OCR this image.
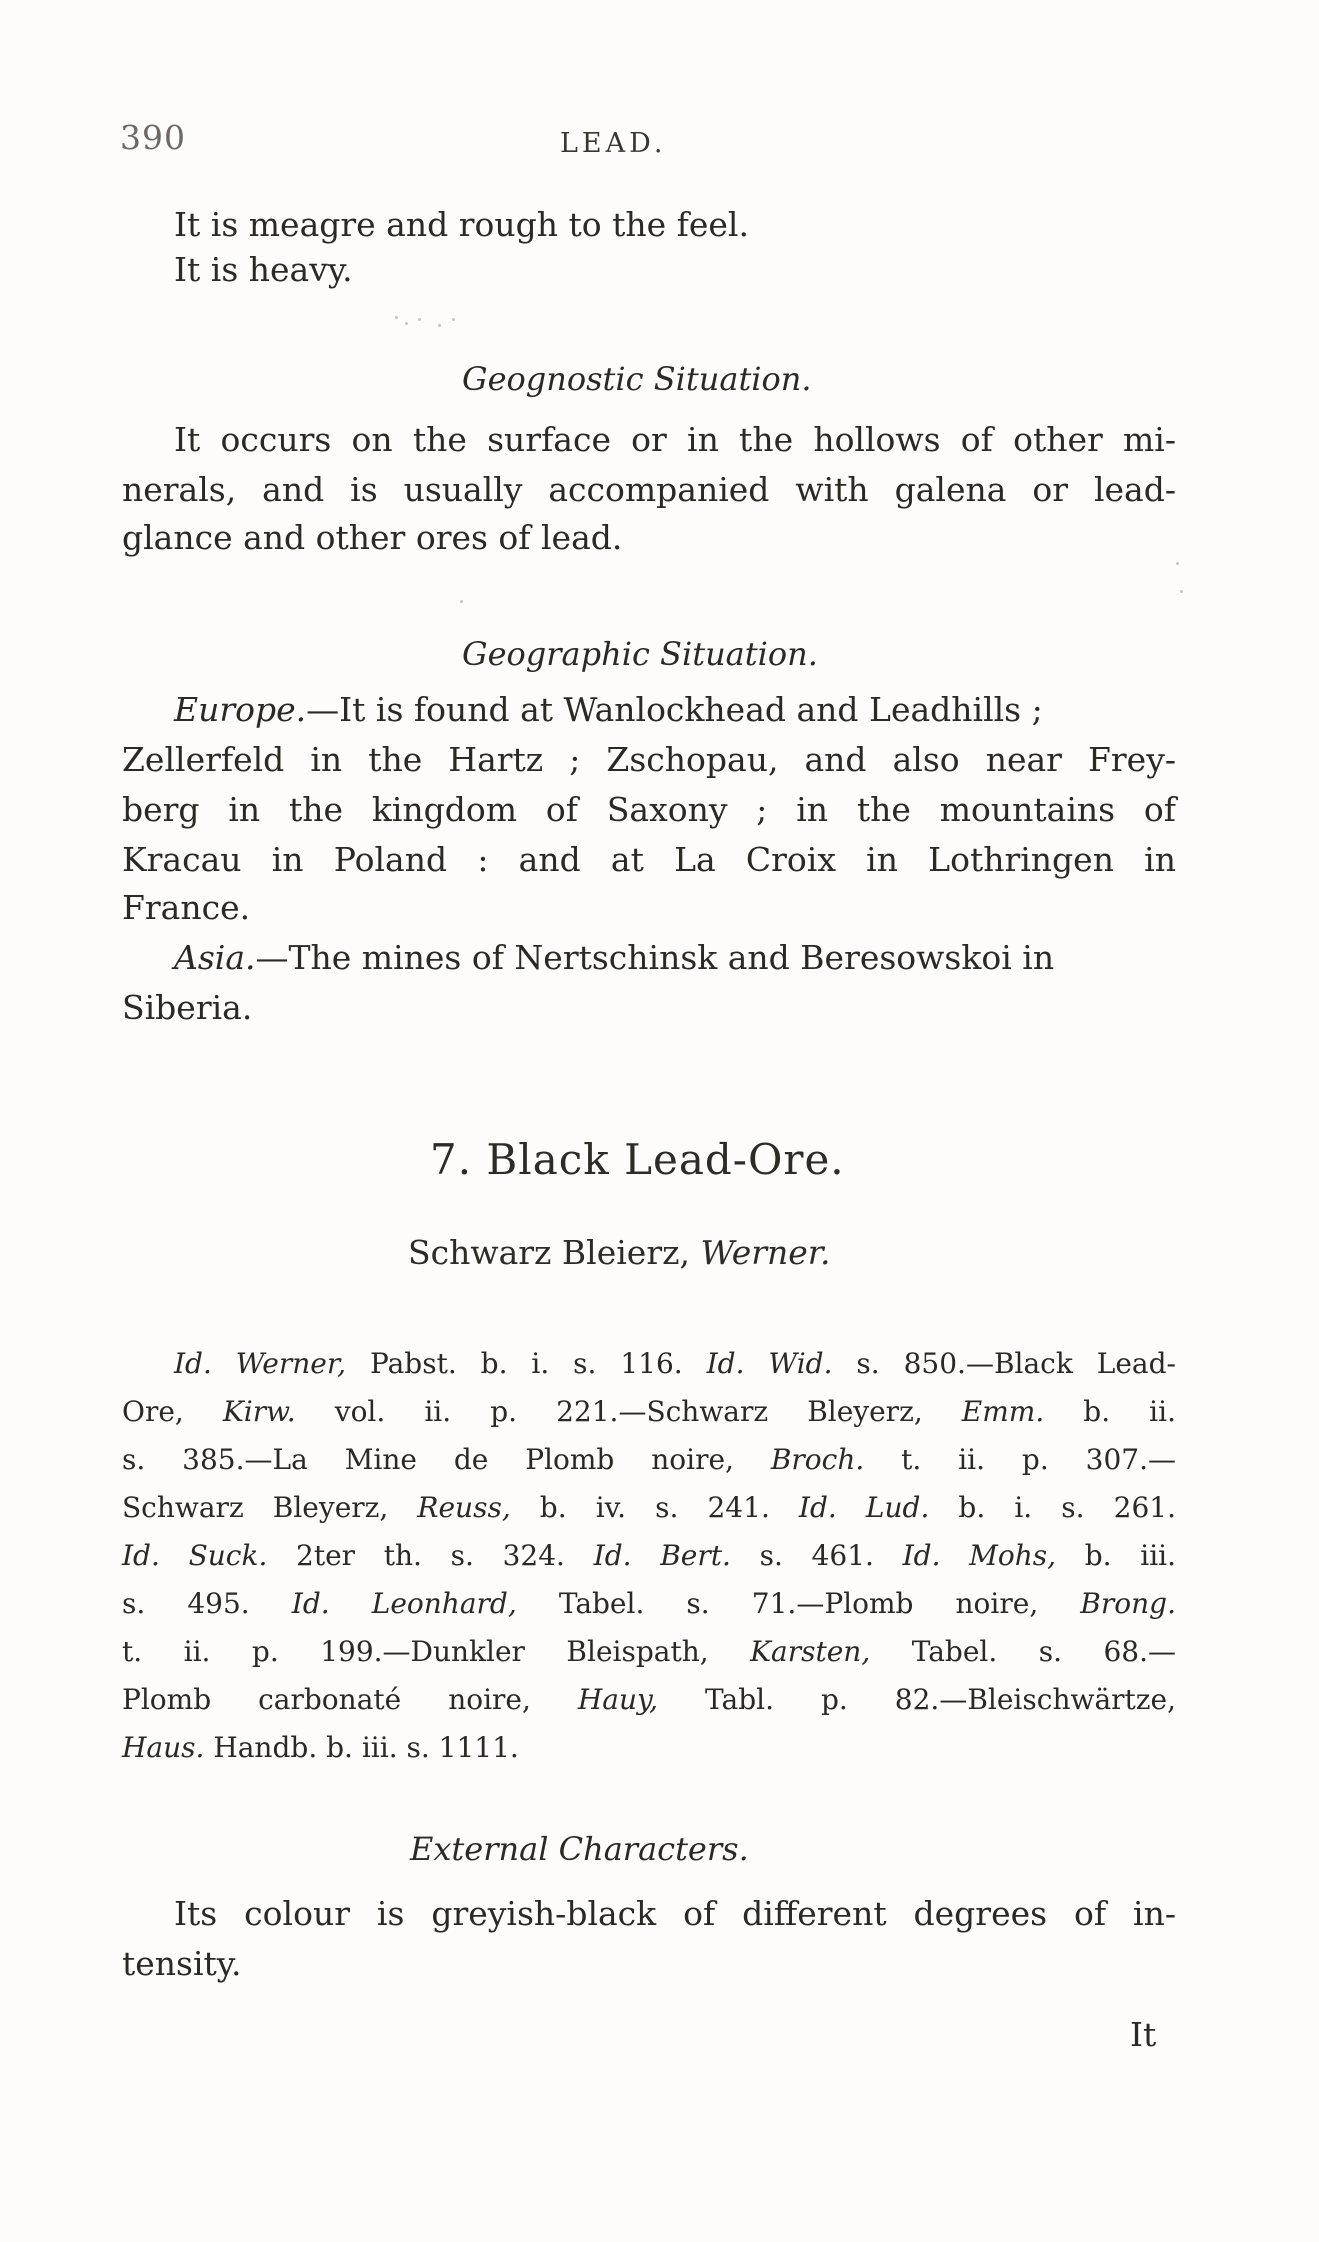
390	LEAD.
It is meagre and rough to the feel.
It is heavy.
Geognostic Situation.
It occurs on the surface or in the hollows of other mi-
nerals, and is usually accompanied with galena or lead-
glance and other ores of lead.
Geographic Situation.
Europe.—It is found at Wanlockhead and Leadhills ;
Zellerfeld in the Hartz ; Zschopau, and also near Frey-
berg in the kingdom of Saxony ; in the mountains of
Kracau in Poland : and at La Croix in Lothringen in
France.
Asia.—The mines of Nertschinsk and Beresowskoi in
Siberia.
7. Black Lead-Ore.
Schwarz Bleierz, Werner.
Id. Werner, Pabst. b. i. s. 116. Id. Wid. s. 850.—Black Lead-
Ore, Kirw. vol. ii. p. 221.—Schwarz Bleyerz, Emm. b. ii.
s. 385.—La Mine de Plomb noire, Broch. t. ii. p. 307.—
Schwarz Bleyerz, Reuss, b. iv. s. 241. Id. Lud. b. i. s. 261.
Id. Suck. 2ter th. s. 324. Id. Bert. s. 461. Id. Mohs, b. iii.
s. 495. Id. Leonhard, Tabel. s. 71.—Plomb noire, Brong.
t. ii. p. 199.—Dunkler Bleispath, Karsten, Tabel. s. 68.—
Plomb carbonaté noire, Hauy, Tabl. p. 82.—Bleischwärtze,
Haus. Handb. b. iii. s. 1111.
External Characters.
Its colour is greyish-black of different degrees of in-
tensity.
It
